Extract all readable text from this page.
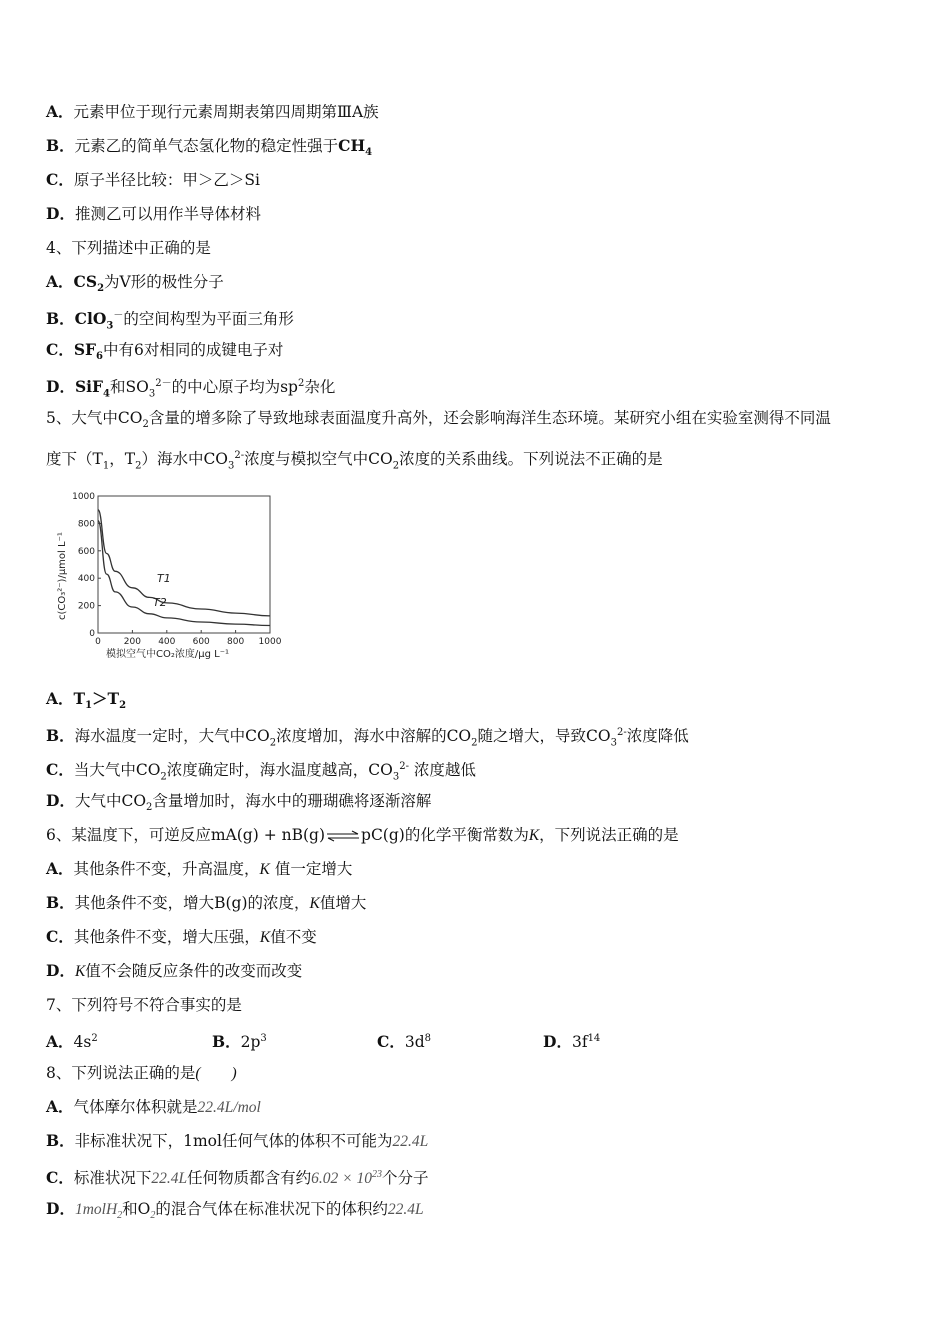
A．元素甲位于现行元素周期表第四周期第ⅢA族
B．元素乙的简单气态氢化物的稳定性强于$CH_4$
C．原子半径比较：甲＞乙＞Si
D．推测乙可以用作半导体材料
4、下列描述中正确的是
A．$CS_2$为V形的极性分子
B．ClO$_3$－的空间构型为平面三角形
C．$SF_6$中有6对相同的成键电子对
D．SiF$_4$和$SO_3^{2-}$的中心原子均为$sp^2$杂化
5、大气中$CO_2$含量的增多除了导致地球表面温度升高外，还会影响海洋生态环境。某研究小组在实验室测得不同温
度下（$T_1$，$T_2$）海水中$CO_3^{2-}$浓度与模拟空气中$CO_2$浓度的关系曲线。下列说法不正确的是
0	200 400 600 800 1000
0
200
400
600
800
1000
T1
T2
模拟空气中CO₂浓度/μg L⁻¹
c(CO₃²⁻)/μmol L⁻¹
A．$T_1>T_2$
B．海水温度一定时，大气中$CO_2$浓度增加，海水中溶解的$CO_2$随之增大，导致$CO_3^{2-}$浓度降低
C．当大气中$CO_2$浓度确定时，海水温度越高，$CO_3^{2-}$ 浓度越低
D．大气中$CO_2$含量增加时，海水中的珊瑚礁将逐渐溶解
6、某温度下，可逆反应mA(g) + nB(g)⇌pC(g)的化学平衡常数为K，下列说法正确的是
A．其他条件不变，升高温度，K 值一定增大
B．其他条件不变，增大B(g)的浓度，K值增大
C．其他条件不变，增大压强，K值不变
D．K值不会随反应条件的改变而改变
7、下列符号不符合事实的是
A．$4s^2$	B．$2p^3$	C．$3d^8$	D．$3f^{14}$
8、下列说法正确的是(　　)
A．气体摩尔体积就是22.4L/mol
B．非标准状况下，1mol任何气体的体积不可能为22.4L
C．标准状况下22.4L任何物质都含有约$6.02 \times 10^{23}$个分子
D．1molH$_2$和$O_2$的混合气体在标准状况下的体积约22.4L
